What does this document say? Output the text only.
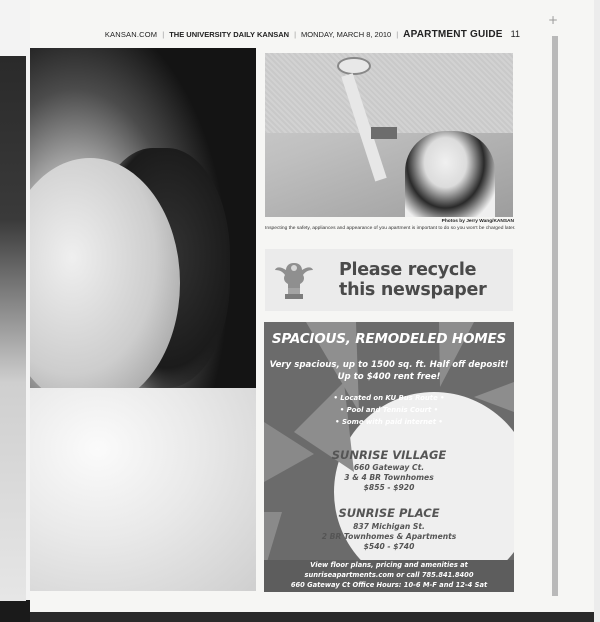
+
KANSAN.COM | THE UNIVERSITY DAILY KANSAN | MONDAY, MARCH 8, 2010 | APARTMENT GUIDE 11
Photos by Jerry Wang/KANSAN
Inspecting the safety, appliances and appearance of you apartment is important to do so you won't be charged later.
Please recycle
this newspaper
SPACIOUS, REMODELED HOMES
Very spacious, up to 1500 sq. ft. Half off deposit!
Up to $400 rent free!
• Located on KU Bus Route •
• Pool and Tennis Court •
• Some with paid internet •
SUNRISE VILLAGE
660 Gateway Ct.
3 & 4 BR Townhomes
$855 - $920
SUNRISE PLACE
837 Michigan St.
2 BR Townhomes & Apartments
$540 - $740
View floor plans, pricing and amenities at
sunriseapartments.com or call 785.841.8400
660 Gateway Ct Office Hours: 10-6 M-F and 12-4 Sat
